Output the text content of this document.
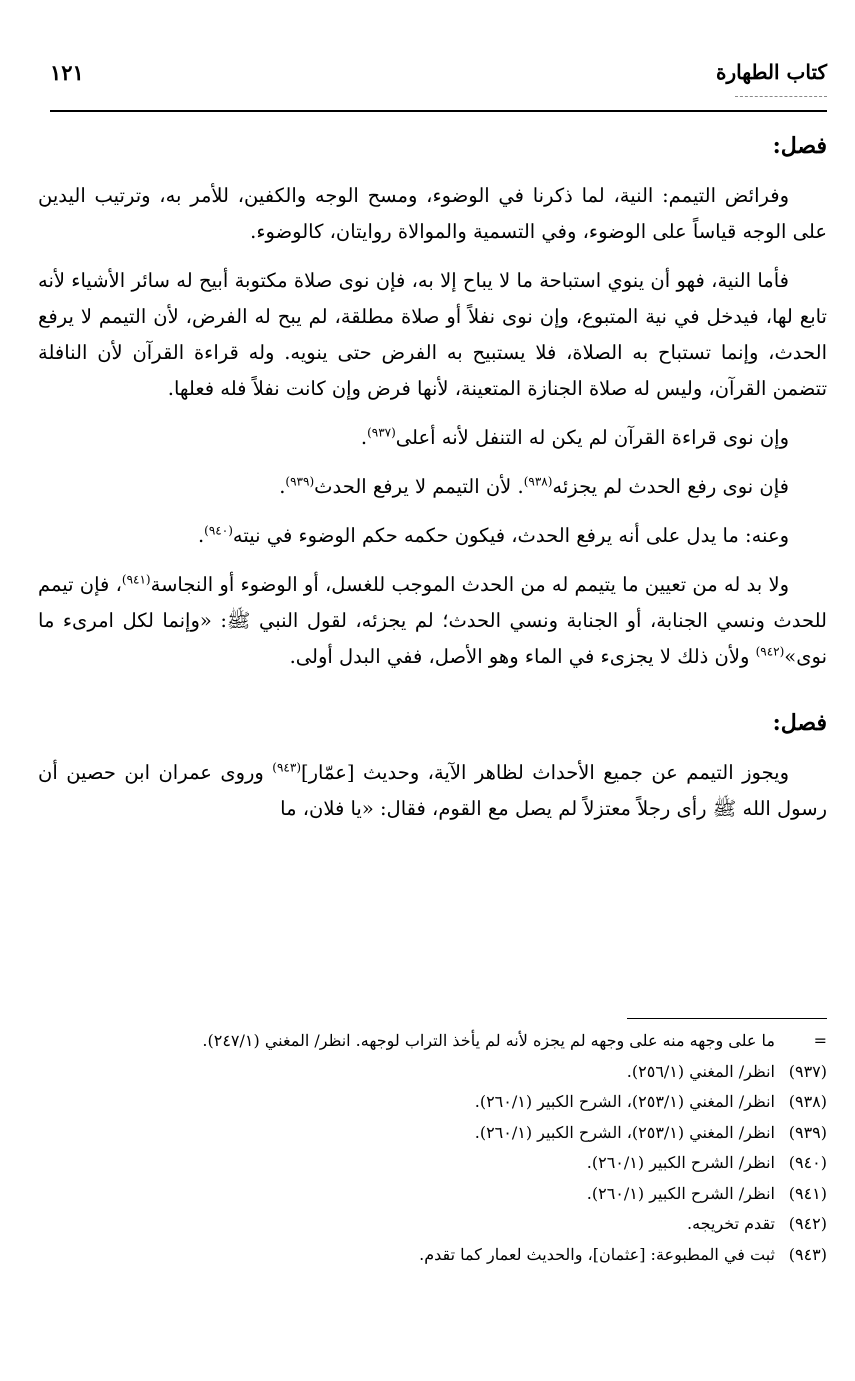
كتاب الطهارة
١٢١
فصل:

وفرائض التيمم: النية، لما ذكرنا في الوضوء، ومسح الوجه والكفين، للأمر به، وترتيب اليدين على الوجه قياساً على الوضوء، وفي التسمية والموالاة روايتان، كالوضوء.

فأما النية، فهو أن ينوي استباحة ما لا يباح إلا به، فإن نوى صلاة مكتوبة أبيح له سائر الأشياء لأنه تابع لها، فيدخل في نية المتبوع، وإن نوى نفلاً أو صلاة مطلقة، لم يبح له الفرض، لأن التيمم لا يرفع الحدث، وإنما تستباح به الصلاة، فلا يستبيح به الفرض حتى ينويه. وله قراءة القرآن لأن النافلة تتضمن القرآن، وليس له صلاة الجنازة المتعينة، لأنها فرض وإن كانت نفلاً فله فعلها.

وإن نوى قراءة القرآن لم يكن له التنفل لأنه أعلى$^{(٩٣٧)}$.

فإن نوى رفع الحدث لم يجزئه$^{(٩٣٨)}$. لأن التيمم لا يرفع الحدث$^{(٩٣٩)}$.

وعنه: ما يدل على أنه يرفع الحدث، فيكون حكمه حكم الوضوء في نيته$^{(٩٤٠)}$.

ولا بد له من تعيين ما يتيمم له من الحدث الموجب للغسل، أو الوضوء أو النجاسة$^{(٩٤١)}$، فإن تيمم للحدث ونسي الجنابة، أو الجنابة ونسي الحدث؛ لم يجزئه، لقول النبي ﷺ: «وإنما لكل امرىء ما نوى»$^{(٩٤٢)}$ ولأن ذلك لا يجزىء في الماء وهو الأصل، ففي البدل أولى.

فصل:

ويجوز التيمم عن جميع الأحداث لظاهر الآية، وحديث [عمّار]$^{(٩٤٣)}$ وروى عمران ابن حصين أن رسول الله ﷺ رأى رجلاً معتزلاً لم يصل مع القوم، فقال: «يا فلان، ما

=
ما على وجهه منه على وجهه لم يجزه لأنه لم يأخذ التراب لوجهه. انظر/ المغني (٢٤٧/١).
(٩٣٧)
انظر/ المغني (٢٥٦/١).
(٩٣٨)
انظر/ المغني (٢٥٣/١)، الشرح الكبير (٢٦٠/١).
(٩٣٩)
انظر/ المغني (٢٥٣/١)، الشرح الكبير (٢٦٠/١).
(٩٤٠)
انظر/ الشرح الكبير (٢٦٠/١).
(٩٤١)
انظر/ الشرح الكبير (٢٦٠/١).
(٩٤٢)
تقدم تخريجه.
(٩٤٣)
ثبت في المطبوعة: [عثمان]، والحديث لعمار كما تقدم.
